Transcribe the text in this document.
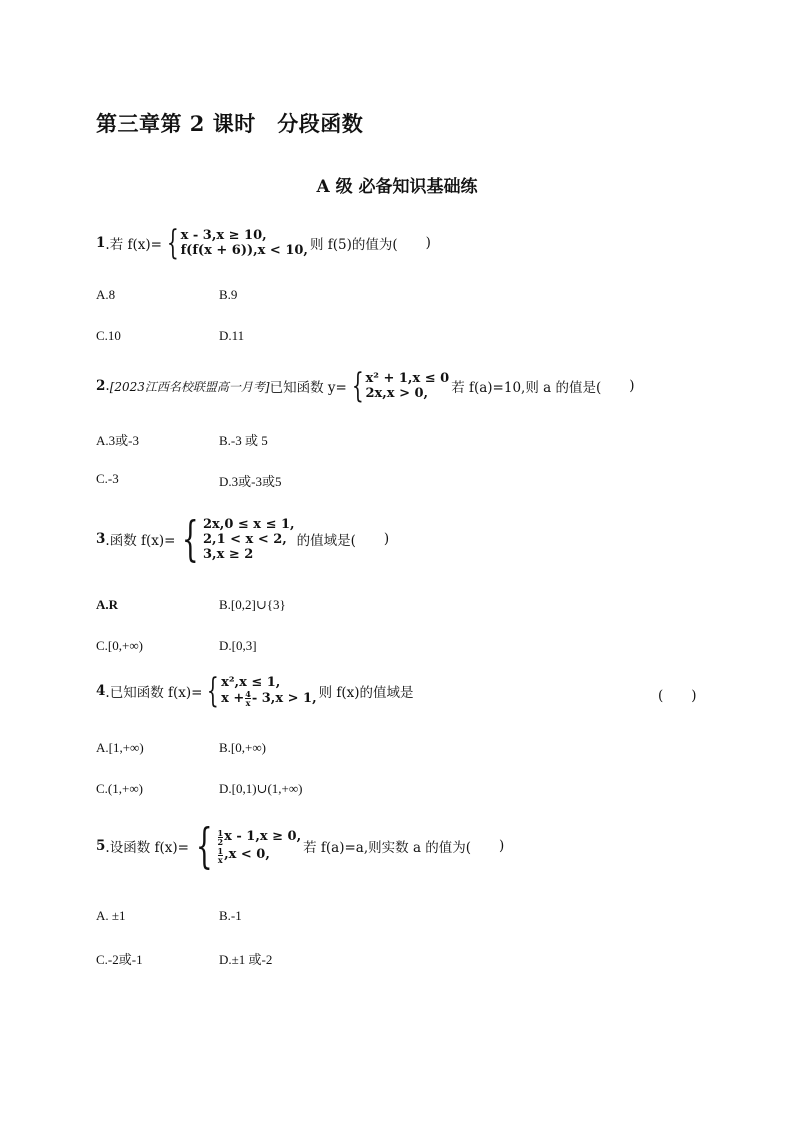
第三章第 2 课时　分段函数
A 级 必备知识基础练
1 .若 f(x)= { x - 3,x ≥ 10,
f(f(x + 6)),x < 10, 则 f(5)的值为( )
A.8	B.9
C.10	D.11
2 . [2023江西名校联盟高一月考] 已知函数 y= { x² + 1,x ≤ 0
2x,x > 0,	若 f(a)=10,则 a 的值是( )
A.3或-3	B.-3 或 5
C.-3	D.3或-3或5
3 .函数 f(x)= { 2x,0 ≤ x ≤ 1,
2,1 < x < 2,
3,x ≥ 2
的值域是( )
A.R	B.[0,2]∪{3}
C.[0,+∞)	D.[0,3]
4 .已知函数 f(x)= { x²,x ≤ 1,
$x + \frac{4}{x} - 3,x > 1$, 则 f(x)的值域是	( )
A.[1,+∞)	B.[0,+∞)
C.(1,+∞)	D.[0,1)∪(1,+∞)
5 .设函数 f(x)= { $\frac{1}{2}$ x - 1,x ≥ 0,
$\frac{1}{x} ,x < 0$, 若 f(a)=a,则实数 a 的值为( )
A. ±1	B.-1
C.-2或-1	D.±1 或-2
